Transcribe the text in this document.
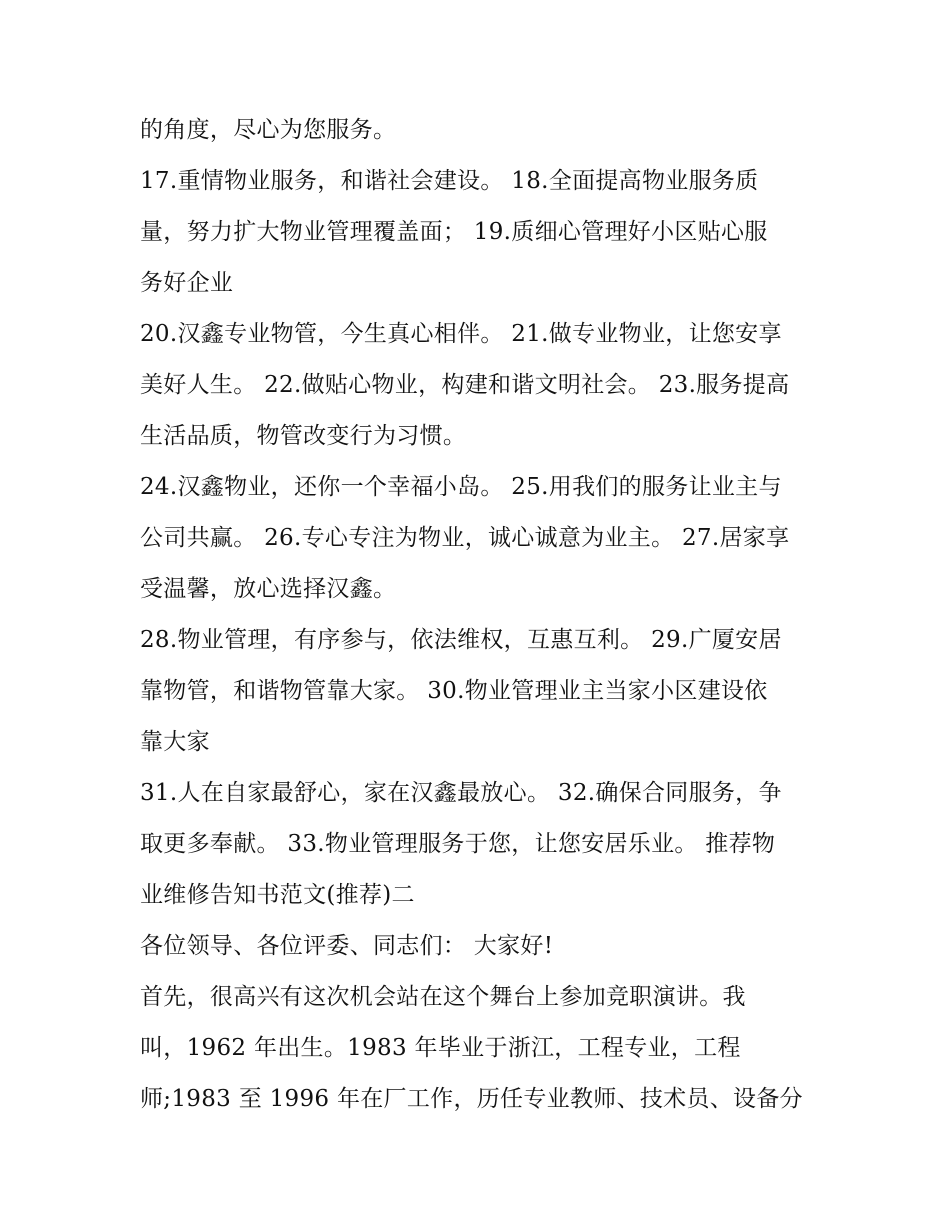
的角度，尽心为您服务。
17.重情物业服务，和谐社会建设。 18.全面提高物业服务质
量，努力扩大物业管理覆盖面； 19.质细心管理好小区贴心服
务好企业
20.汉鑫专业物管，今生真心相伴。 21.做专业物业，让您安享
美好人生。 22.做贴心物业，构建和谐文明社会。 23.服务提高
生活品质，物管改变行为习惯。
24.汉鑫物业，还你一个幸福小岛。 25.用我们的服务让业主与
公司共赢。 26.专心专注为物业，诚心诚意为业主。 27.居家享
受温馨，放心选择汉鑫。
28.物业管理，有序参与，依法维权，互惠互利。 29.广厦安居
靠物管，和谐物管靠大家。 30.物业管理业主当家小区建设依
靠大家
31.人在自家最舒心，家在汉鑫最放心。 32.确保合同服务，争
取更多奉献。 33.物业管理服务于您，让您安居乐业。 推荐物
业维修告知书范文(推荐)二
各位领导、各位评委、同志们： 大家好!
首先，很高兴有这次机会站在这个舞台上参加竞职演讲。我
叫，1962 年出生。1983 年毕业于浙江，工程专业，工程
师;1983 至 1996 年在厂工作，历任专业教师、技术员、设备分
